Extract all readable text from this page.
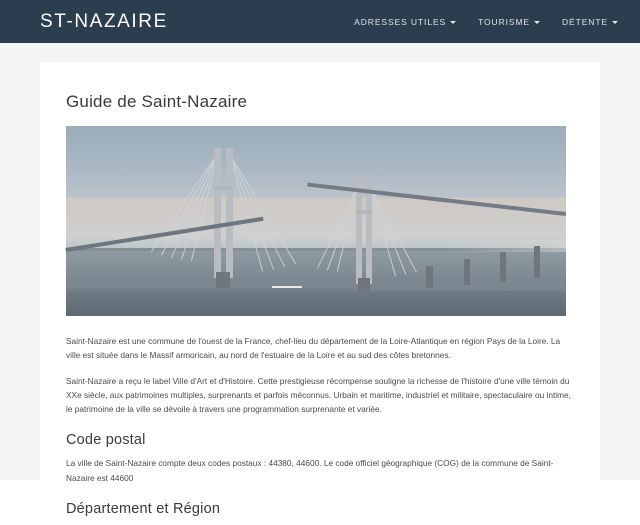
ST-NAZAIRE	ADRESSES UTILES	TOURISME	DÉTENTE
Guide de Saint-Nazaire

Saint-Nazaire est une commune de l'ouest de la France, chef-lieu du département de la Loire-Atlantique en région Pays de la Loire. La ville est située dans le Massif armoricain, au nord de l'estuaire de la Loire et au sud des côtes bretonnes.

Saint-Nazaire a reçu le label Ville d'Art et d'Histoire. Cette prestigieuse récompense souligne la richesse de l'histoire d'une ville témoin du XXe siècle, aux patrimoines multiples, surprenants et parfois méconnus. Urbain et maritime, industriel et militaire, spectaculaire ou intime, le patrimoine de la ville se dévoile à travers une programmation surprenante et variée.

Code postal

La ville de Saint-Nazaire compte deux codes postaux : 44380, 44600. Le code officiel géographique (COG) de la commune de Saint-Nazaire est 44600

Département et Région
